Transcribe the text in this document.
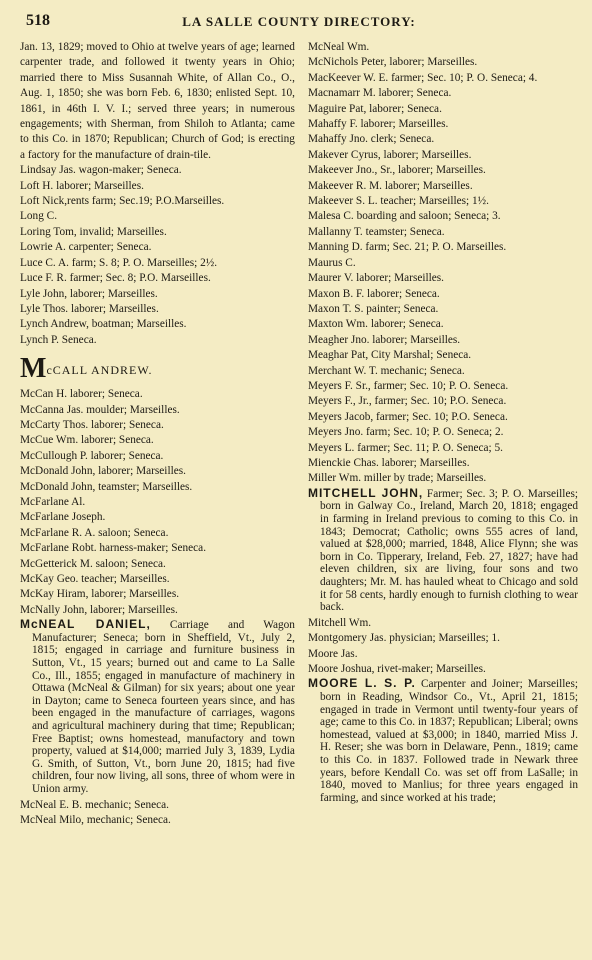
518	LA SALLE COUNTY DIRECTORY:

Jan. 13, 1829; moved to Ohio at twelve years of age; learned carpenter trade, and followed it twenty years in Ohio; married there to Miss Susannah White, of Allan Co., O., Aug. 1, 1850; she was born Feb. 6, 1830; enlisted Sept. 10, 1861, in 46th I. V. I.; served three years; in numerous engagements; with Sherman, from Shiloh to Atlanta; came to this Co. in 1870; Republican; Church of God; is erecting a factory for the manufacture of drain-tile.

Lindsay Jas. wagon-maker; Seneca.

Loft H. laborer; Marseilles.

Loft Nick,rents farm; Sec.19; P.O.Marseilles.

Long C.

Loring Tom, invalid; Marseilles.

Lowrie A. carpenter; Seneca.

Luce C. A. farm; S. 8; P. O. Marseilles; 2½.

Luce F. R. farmer; Sec. 8; P.O. Marseilles.

Lyle John, laborer; Marseilles.

Lyle Thos. laborer; Marseilles.

Lynch Andrew, boatman; Marseilles.

Lynch P. Seneca.

McCALL ANDREW.

McCan H. laborer; Seneca.

McCanna Jas. moulder; Marseilles.

McCarty Thos. laborer; Seneca.

McCue Wm. laborer; Seneca.

McCullough P. laborer; Seneca.

McDonald John, laborer; Marseilles.

McDonald John, teamster; Marseilles.

McFarlane Al.

McFarlane Joseph.

McFarlane R. A. saloon; Seneca.

McFarlane Robt. harness-maker; Seneca.

McGetterick M. saloon; Seneca.

McKay Geo. teacher; Marseilles.

McKay Hiram, laborer; Marseilles.

McNally John, laborer; Marseilles.

McNEAL DANIEL, Carriage and Wagon Manufacturer; Seneca; born in Sheffield, Vt., July 2, 1815; engaged in carriage and furniture business in Sutton, Vt., 15 years; burned out and came to La Salle Co., Ill., 1855; engaged in manufacture of machinery in Ottawa (McNeal & Gilman) for six years; about one year in Dayton; came to Seneca fourteen years since, and has been engaged in the manufacture of carriages, wagons and agricultural machinery during that time; Republican; Free Baptist; owns homestead, manufactory and town property, valued at $14,000; married July 3, 1839, Lydia G. Smith, of Sutton, Vt., born June 20, 1815; had five children, four now living, all sons, three of whom were in Union army.

McNeal E. B. mechanic; Seneca.

McNeal Milo, mechanic; Seneca.

McNeal Wm.

McNichols Peter, laborer; Marseilles.

MacKeever W. E. farmer; Sec. 10; P. O. Seneca; 4.

Macnamarr M. laborer; Seneca.

Maguire Pat, laborer; Seneca.

Mahaffy F. laborer; Marseilles.

Mahaffy Jno. clerk; Seneca.

Makever Cyrus, laborer; Marseilles.

Makeever Jno., Sr., laborer; Marseilles.

Makeever R. M. laborer; Marseilles.

Makeever S. L. teacher; Marseilles; 1½.

Malesa C. boarding and saloon; Seneca; 3.

Mallanny T. teamster; Seneca.

Manning D. farm; Sec. 21; P. O. Marseilles.

Maurus C.

Maurer V. laborer; Marseilles.

Maxon B. F. laborer; Seneca.

Maxon T. S. painter; Seneca.

Maxton Wm. laborer; Seneca.

Meagher Jno. laborer; Marseilles.

Meaghar Pat, City Marshal; Seneca.

Merchant W. T. mechanic; Seneca.

Meyers F. Sr., farmer; Sec. 10; P. O. Seneca.

Meyers F., Jr., farmer; Sec. 10; P.O. Seneca.

Meyers Jacob, farmer; Sec. 10; P.O. Seneca.

Meyers Jno. farm; Sec. 10; P. O. Seneca; 2.

Meyers L. farmer; Sec. 11; P. O. Seneca; 5.

Mienckie Chas. laborer; Marseilles.

Miller Wm. miller by trade; Marseilles.

MITCHELL JOHN, Farmer; Sec. 3; P. O. Marseilles; born in Galway Co., Ireland, March 20, 1818; engaged in farming in Ireland previous to coming to this Co. in 1843; Democrat; Catholic; owns 555 acres of land, valued at $28,000; married, 1848, Alice Flynn; she was born in Co. Tipperary, Ireland, Feb. 27, 1827; have had eleven children, six are living, four sons and two daughters; Mr. M. has hauled wheat to Chicago and sold it for 58 cents, hardly enough to furnish clothing to wear back.

Mitchell Wm.

Montgomery Jas. physician; Marseilles; 1.

Moore Jas.

Moore Joshua, rivet-maker; Marseilles.

MOORE L. S. P. Carpenter and Joiner; Marseilles; born in Reading, Windsor Co., Vt., April 21, 1815; engaged in trade in Vermont until twenty-four years of age; came to this Co. in 1837; Republican; Liberal; owns homestead, valued at $3,000; in 1840, married Miss J. H. Reser; she was born in Delaware, Penn., 1819; came to this Co. in 1837. Followed trade in Newark three years, before Kendall Co. was set off from LaSalle; in 1840, moved to Manlius; for three years engaged in farming, and since worked at his trade;
